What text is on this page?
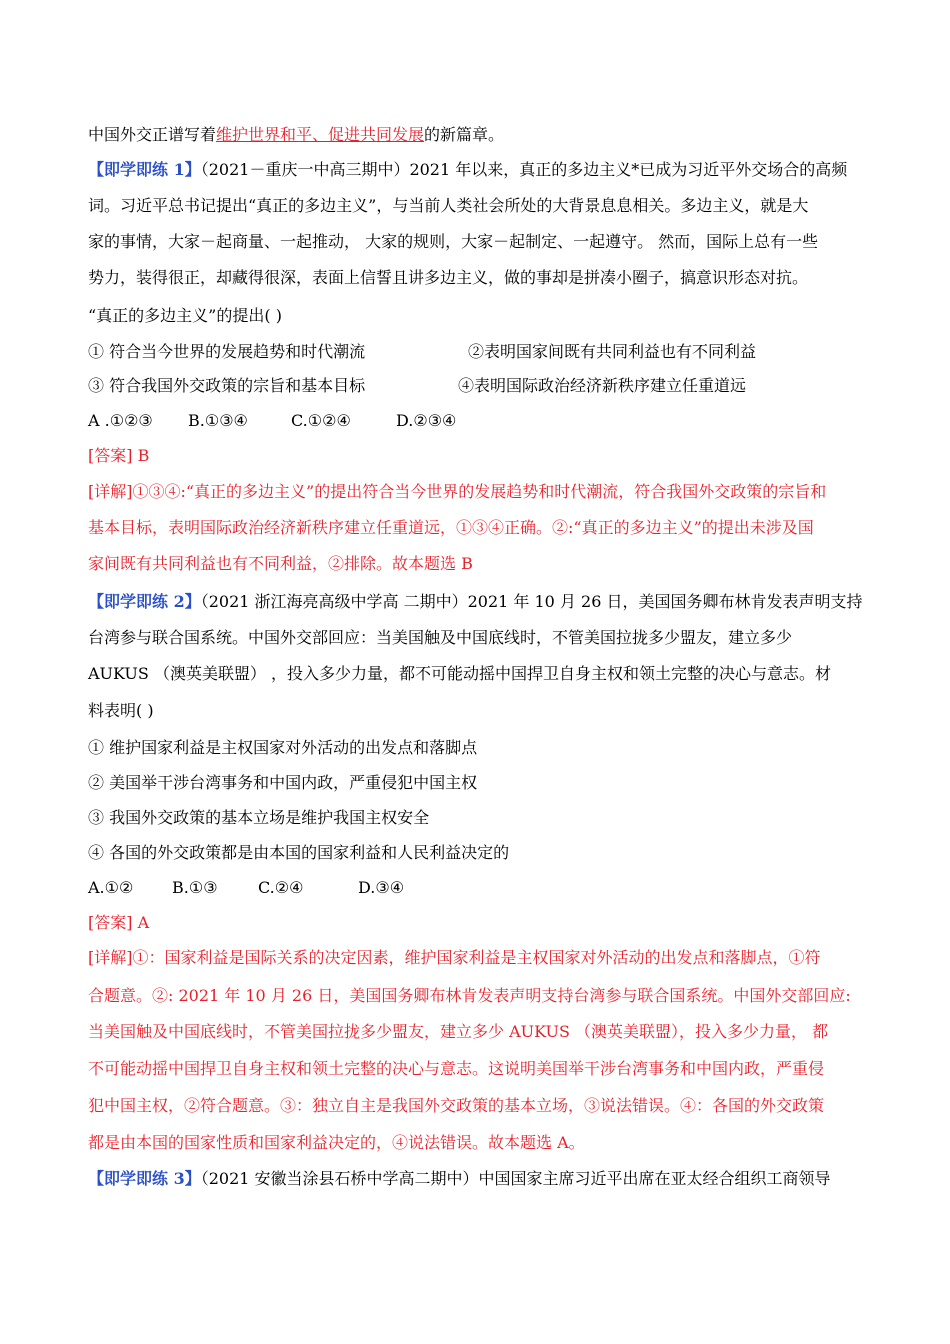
中国外交正谱写着维护世界和平、促进共同发展的新篇章。
【即学即练 1】（2021－重庆一中高三期中）2021 年以来，真正的多边主义*已成为习近平外交场合的高频
词。习近平总书记提出“真正的多边主义”，与当前人类社会所处的大背景息息相关。多边主义，就是大
家的事情，大家－起商量、一起推动， 大家的规则，大家－起制定、一起遵守。 然而，国际上总有一些
势力，装得很正，却藏得很深，表面上信誓且讲多边主义，做的事却是拼凑小圈子，搞意识形态对抗。
“真正的多边主义”的提出( )
① 符合当今世界的发展趋势和时代潮流	②表明国家间既有共同利益也有不同利益
③ 符合我国外交政策的宗旨和基本目标	④表明国际政治经济新秩序建立任重道远
A .①②③ B.①③④	C.①②④	D.②③④
[答案] B
[详解]①③④:“真正的多边主义”的提出符合当今世界的发展趋势和时代潮流，符合我国外交政策的宗旨和
基本目标，表明国际政治经济新秩序建立任重道远，①③④正确。②:“真正的多边主义”的提出未涉及国
家间既有共同利益也有不同利益，②排除。故本题选 B
【即学即练 2】（2021 浙江海亮高级中学高 二期中）2021 年 10 月 26 日，美国国务卿布林肯发表声明支持
台湾参与联合国系统。中国外交部回应：当美国触及中国底线时，不管美国拉拢多少盟友，建立多少
AUKUS （澳英美联盟） ，投入多少力量，都不可能动摇中国捍卫自身主权和领土完整的决心与意志。材
料表明( )
① 维护国家利益是主权国家对外活动的出发点和落脚点
② 美国举干涉台湾事务和中国内政，严重侵犯中国主权
③ 我国外交政策的基本立场是维护我国主权安全
④ 各国的外交政策都是由本国的国家利益和人民利益决定的
A.①② B.①③	C.②④	D.③④
[答案] A
[详解]①：国家利益是国际关系的决定因素，维护国家利益是主权国家对外活动的出发点和落脚点，①符
合题意。②: 2021 年 10 月 26 日，美国国务卿布林肯发表声明支持台湾参与联合国系统。中国外交部回应:
当美国触及中国底线时，不管美国拉拢多少盟友，建立多少 AUKUS （澳英美联盟），投入多少力量， 都
不可能动摇中国捍卫自身主权和领土完整的决心与意志。这说明美国举干涉台湾事务和中国内政，严重侵
犯中国主权，②符合题意。③：独立自主是我国外交政策的基本立场，③说法错误。④：各国的外交政策
都是由本国的国家性质和国家利益决定的，④说法错误。故本题选 A。
【即学即练 3】（2021 安徽当涂县石桥中学高二期中）中国国家主席习近平出席在亚太经合组织工商领导
